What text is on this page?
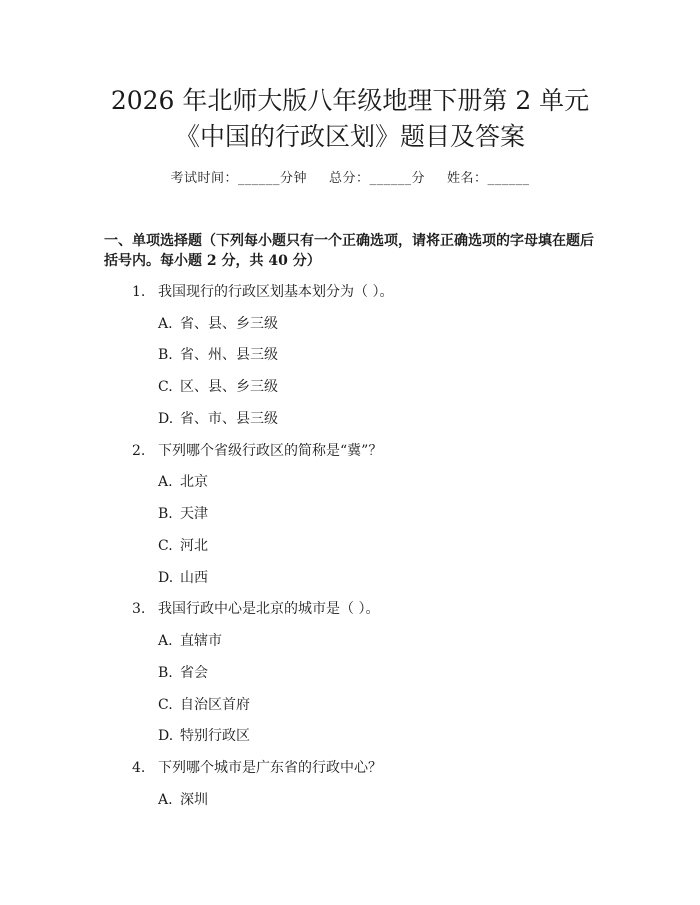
2026 年北师大版八年级地理下册第 2 单元
《中国的行政区划》题目及答案
考试时间：______分钟 总分：______分 姓名：______
一、单项选择题（下列每小题只有一个正确选项，请将正确选项的字母填在题后
括号内。每小题 2 分，共 40 分）
1. 我国现行的行政区划基本划分为（ ）。
A. 省、县、乡三级
B. 省、州、县三级
C. 区、县、乡三级
D. 省、市、县三级
2. 下列哪个省级行政区的简称是“冀”？
A. 北京
B. 天津
C. 河北
D. 山西
3. 我国行政中心是北京的城市是（ ）。
A. 直辖市
B. 省会
C. 自治区首府
D. 特别行政区
4. 下列哪个城市是广东省的行政中心？
A. 深圳
